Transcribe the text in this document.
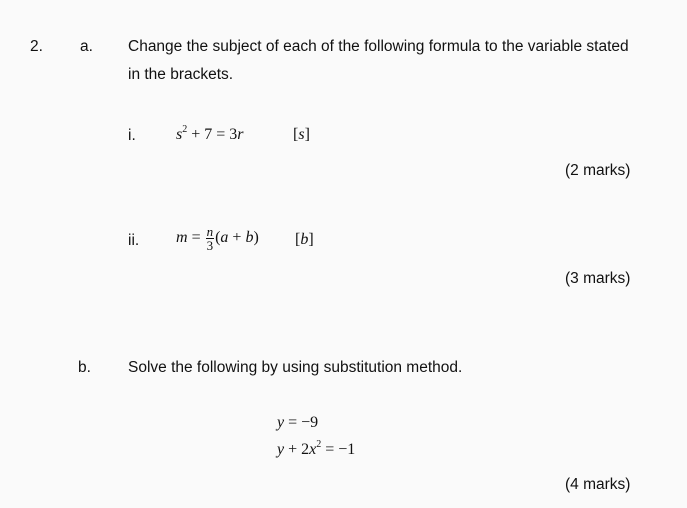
2. a. Change the subject of each of the following formula to the variable stated
in the brackets.
i.	$s^2 + 7 = 3r$	[s]
(2 marks)
ii. $m = \frac{n}{3} (a + b)$ [b]
(3 marks)
b. Solve the following by using substitution method.
y = −9
$y + 2x^2 = -1$
(4 marks)
